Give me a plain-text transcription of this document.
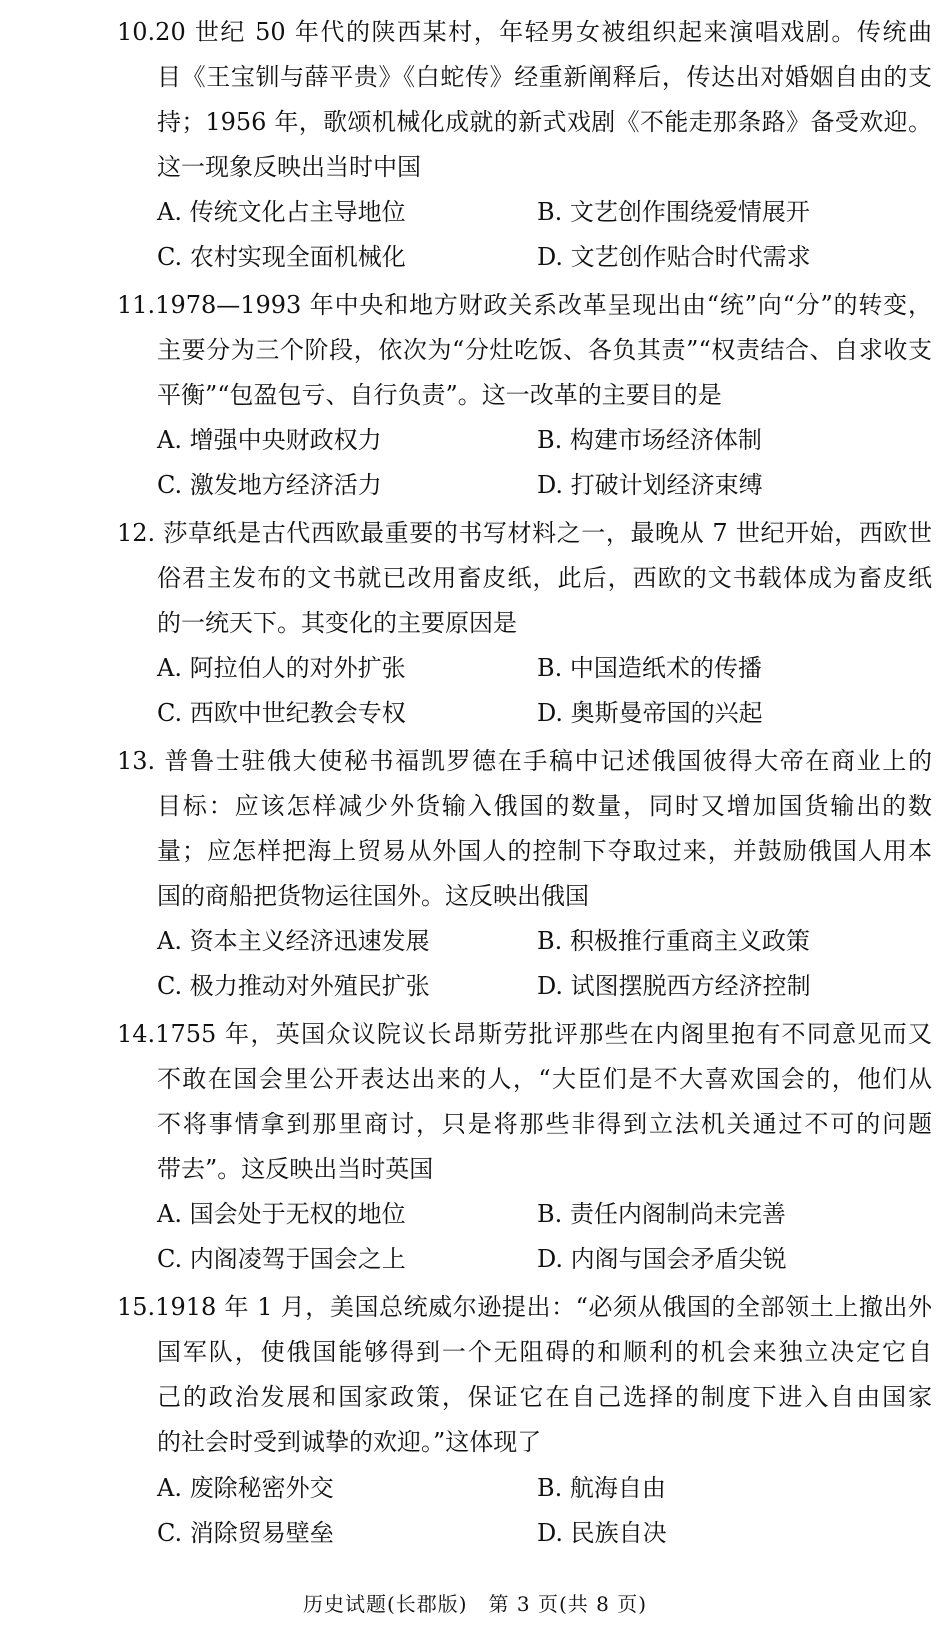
10.20 世纪 50 年代的陕西某村，年轻男女被组织起来演唱戏剧。传统曲
目《王宝钏与薛平贵》《白蛇传》经重新阐释后，传达出对婚姻自由的支
持；1956 年，歌颂机械化成就的新式戏剧《不能走那条路》备受欢迎。
这一现象反映出当时中国
A. 传统文化占主导地位	B. 文艺创作围绕爱情展开
C. 农村实现全面机械化	D. 文艺创作贴合时代需求
11.1978—1993 年中央和地方财政关系改革呈现出由“统”向“分”的转变，
主要分为三个阶段，依次为“分灶吃饭、各负其责”“权责结合、自求收支
平衡”“包盈包亏、自行负责”。这一改革的主要目的是
A. 增强中央财政权力	B. 构建市场经济体制
C. 激发地方经济活力	D. 打破计划经济束缚
12. 莎草纸是古代西欧最重要的书写材料之一，最晚从 7 世纪开始，西欧世
俗君主发布的文书就已改用畜皮纸，此后，西欧的文书载体成为畜皮纸
的一统天下。其变化的主要原因是
A. 阿拉伯人的对外扩张	B. 中国造纸术的传播
C. 西欧中世纪教会专权	D. 奥斯曼帝国的兴起
13. 普鲁士驻俄大使秘书福凯罗德在手稿中记述俄国彼得大帝在商业上的
目标：应该怎样减少外货输入俄国的数量，同时又增加国货输出的数
量；应怎样把海上贸易从外国人的控制下夺取过来，并鼓励俄国人用本
国的商船把货物运往国外。这反映出俄国
A. 资本主义经济迅速发展	B. 积极推行重商主义政策
C. 极力推动对外殖民扩张	D. 试图摆脱西方经济控制
14.1755 年，英国众议院议长昂斯劳批评那些在内阁里抱有不同意见而又
不敢在国会里公开表达出来的人，“大臣们是不大喜欢国会的，他们从
不将事情拿到那里商讨，只是将那些非得到立法机关通过不可的问题
带去”。这反映出当时英国
A. 国会处于无权的地位	B. 责任内阁制尚未完善
C. 内阁凌驾于国会之上	D. 内阁与国会矛盾尖锐
15.1918 年 1 月，美国总统威尔逊提出：“必须从俄国的全部领土上撤出外
国军队，使俄国能够得到一个无阻碍的和顺利的机会来独立决定它自
己的政治发展和国家政策，保证它在自己选择的制度下进入自由国家
的社会时受到诚挚的欢迎。”这体现了
A. 废除秘密外交	B. 航海自由
C. 消除贸易壁垒	D. 民族自决
历史试题(长郡版)　第 3 页(共 8 页)
